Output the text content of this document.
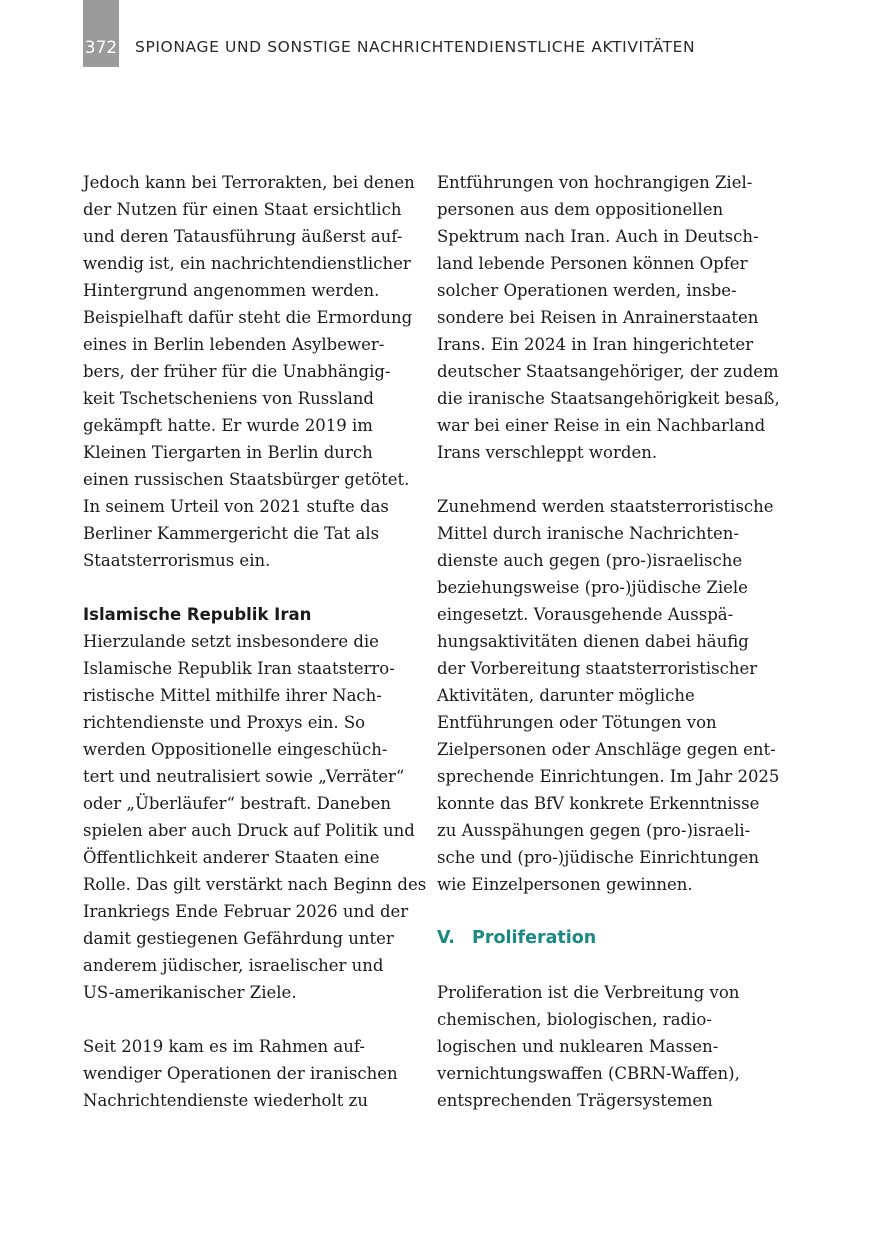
372 SPIONAGE UND SONSTIGE NACHRICHTENDIENSTLICHE AKTIVITÄTEN
Jedoch kann bei Terrorakten, bei denen
der Nutzen für einen Staat ersichtlich
und deren Tatausführung äußerst auf-
wendig ist, ein nachrichtendienstlicher
Hintergrund angenommen werden.
Beispielhaft dafür steht die Ermordung
eines in Berlin lebenden Asylbewer-
bers, der früher für die Unabhängig-
keit Tschetscheniens von Russland
gekämpft hatte. Er wurde 2019 im
Kleinen Tiergarten in Berlin durch
einen russischen Staatsbürger getötet.
In seinem Urteil von 2021 stufte das
Berliner Kammergericht die Tat als
Staatsterrorismus ein.
Islamische Republik Iran
Hierzulande setzt insbesondere die
Islamische Republik Iran staatsterro-
ristische Mittel mithilfe ihrer Nach-
richtendienste und Proxys ein. So
werden Oppositionelle eingeschüch-
tert und neutralisiert sowie „Verräter“
oder „Überläufer“ bestraft. Daneben
spielen aber auch Druck auf Politik und
Öffentlichkeit anderer Staaten eine
Rolle. Das gilt verstärkt nach Beginn des
Irankriegs Ende Februar 2026 und der
damit gestiegenen Gefährdung unter
anderem jüdischer, israelischer und
US-amerikanischer Ziele.
Seit 2019 kam es im Rahmen auf-
wendiger Operationen der iranischen
Nachrichtendienste wiederholt zu
Entführungen von hochrangigen Ziel-
personen aus dem oppositionellen
Spektrum nach Iran. Auch in Deutsch-
land lebende Personen können Opfer
solcher Operationen werden, insbe-
sondere bei Reisen in Anrainerstaaten
Irans. Ein 2024 in Iran hingerichteter
deutscher Staatsangehöriger, der zudem
die iranische Staatsangehörigkeit besaß,
war bei einer Reise in ein Nachbarland
Irans verschleppt worden.
Zunehmend werden staatsterroristische
Mittel durch iranische Nachrichten-
dienste auch gegen (pro-)israelische
beziehungsweise (pro-)jüdische Ziele
eingesetzt. Vorausgehende Ausspä-
hungsaktivitäten dienen dabei häufig
der Vorbereitung staatsterroristischer
Aktivitäten, darunter mögliche
Entführungen oder Tötungen von
Zielpersonen oder Anschläge gegen ent-
sprechende Einrichtungen. Im Jahr 2025
konnte das BfV konkrete Erkenntnisse
zu Ausspähungen gegen (pro-)israeli-
sche und (pro-)jüdische Einrichtungen
wie Einzelpersonen gewinnen.
V. Proliferation
Proliferation ist die Verbreitung von
chemischen, biologischen, radio-
logischen und nuklearen Massen-
vernichtungswaffen (CBRN-Waffen),
entsprechenden Trägersystemen
